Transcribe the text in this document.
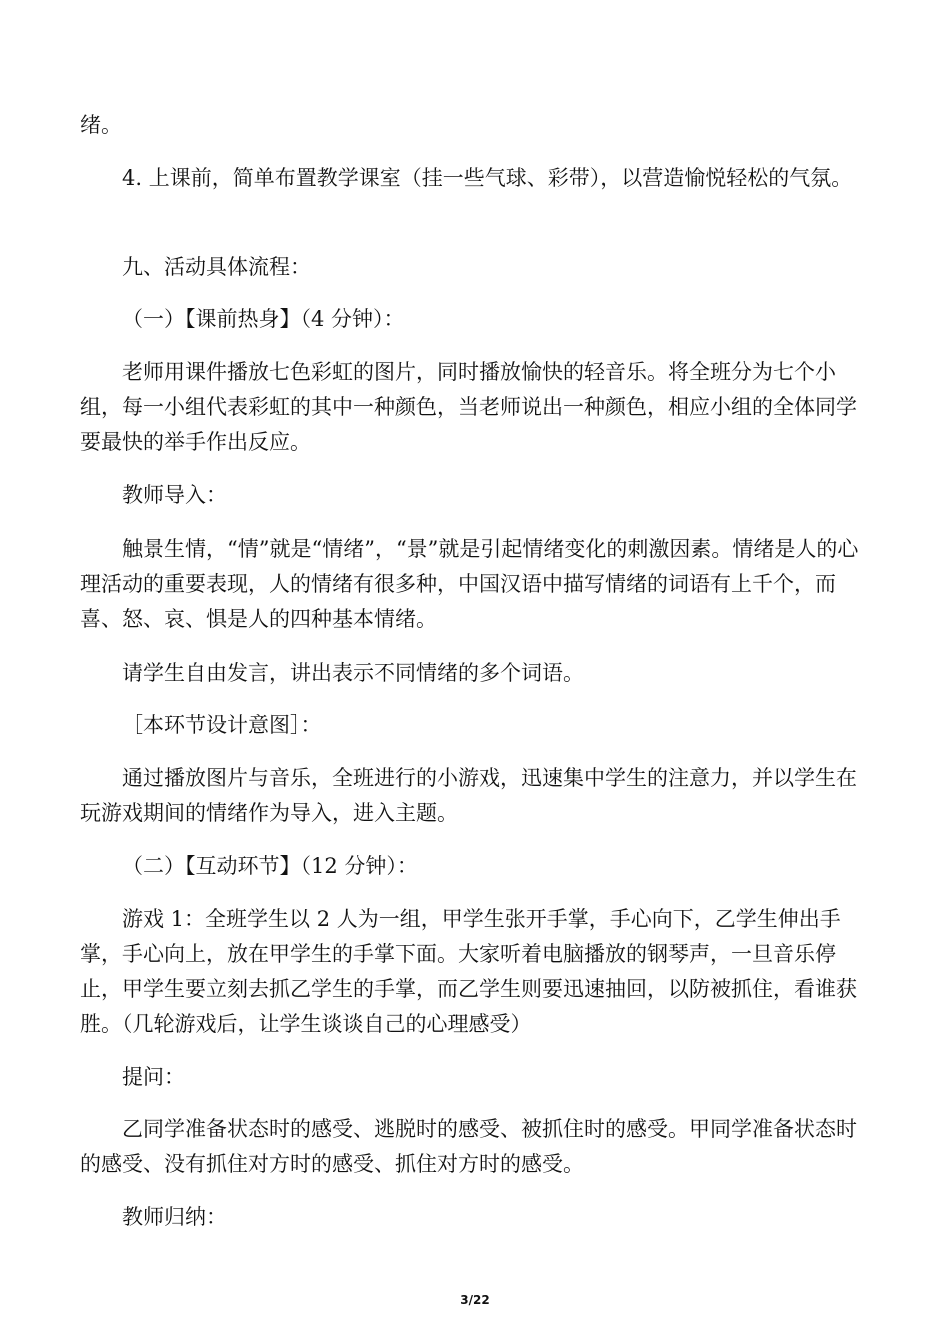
绪。

4. 上课前，简单布置教学课室（挂一些气球、彩带），以营造愉悦轻松的气氛。

九、活动具体流程：

（一）【课前热身】（4 分钟）：

老师用课件播放七色彩虹的图片，同时播放愉快的轻音乐。将全班分为七个小组，每一小组代表彩虹的其中一种颜色，当老师说出一种颜色，相应小组的全体同学要最快的举手作出反应。

教师导入：

触景生情，“情”就是“情绪”，“景”就是引起情绪变化的刺激因素。情绪是人的心理活动的重要表现，人的情绪有很多种，中国汉语中描写情绪的词语有上千个，而喜、怒、哀、惧是人的四种基本情绪。

请学生自由发言，讲出表示不同情绪的多个词语。

［本环节设计意图］：

通过播放图片与音乐，全班进行的小游戏，迅速集中学生的注意力，并以学生在玩游戏期间的情绪作为导入，进入主题。

（二）【互动环节】（12 分钟）：

游戏 1：全班学生以 2 人为一组，甲学生张开手掌，手心向下，乙学生伸出手掌，手心向上，放在甲学生的手掌下面。大家听着电脑播放的钢琴声，一旦音乐停止，甲学生要立刻去抓乙学生的手掌，而乙学生则要迅速抽回，以防被抓住，看谁获胜。（几轮游戏后，让学生谈谈自己的心理感受）

提问：

乙同学准备状态时的感受、逃脱时的感受、被抓住时的感受。甲同学准备状态时的感受、没有抓住对方时的感受、抓住对方时的感受。

教师归纳：

3/22
